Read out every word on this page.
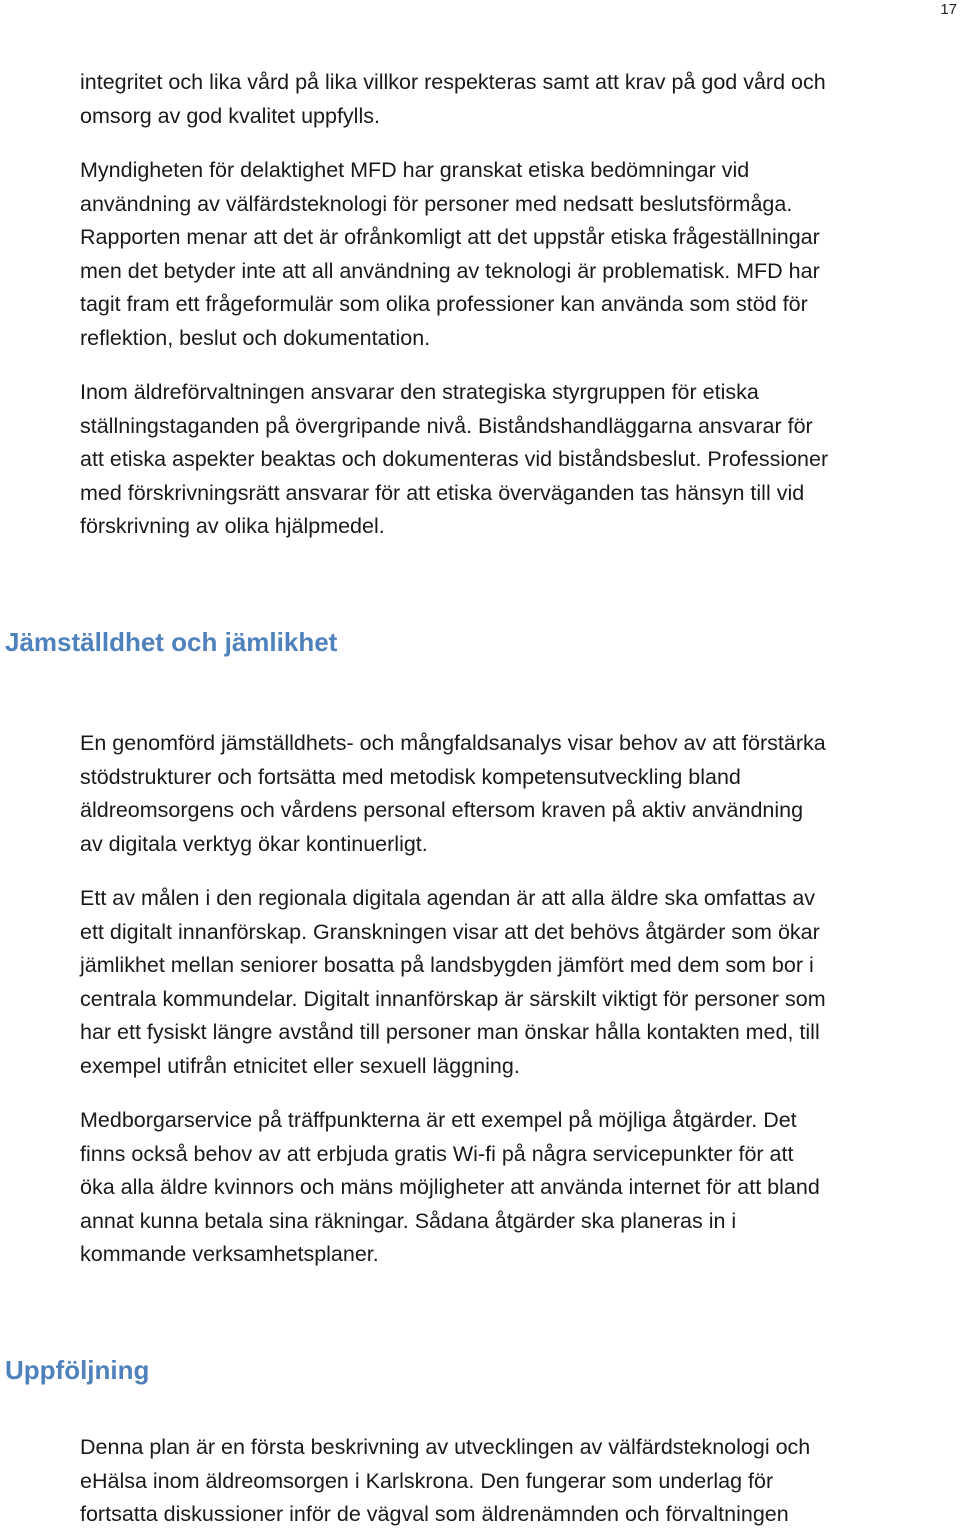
17

integritet och lika vård på lika villkor respekteras samt att krav på god vård och
omsorg av god kvalitet uppfylls.

Myndigheten för delaktighet MFD har granskat etiska bedömningar vid
användning av välfärdsteknologi för personer med nedsatt beslutsförmåga.
Rapporten menar att det är ofrånkomligt att det uppstår etiska frågeställningar
men det betyder inte att all användning av teknologi är problematisk. MFD har
tagit fram ett frågeformulär som olika professioner kan använda som stöd för
reflektion, beslut och dokumentation.

Inom äldreförvaltningen ansvarar den strategiska styrgruppen för etiska
ställningstaganden på övergripande nivå. Biståndshandläggarna ansvarar för
att etiska aspekter beaktas och dokumenteras vid biståndsbeslut. Professioner
med förskrivningsrätt ansvarar för att etiska överväganden tas hänsyn till vid
förskrivning av olika hjälpmedel.

Jämställdhet och jämlikhet

En genomförd jämställdhets- och mångfaldsanalys visar behov av att förstärka
stödstrukturer och fortsätta med metodisk kompetensutveckling bland
äldreomsorgens och vårdens personal eftersom kraven på aktiv användning
av digitala verktyg ökar kontinuerligt.

Ett av målen i den regionala digitala agendan är att alla äldre ska omfattas av
ett digitalt innanförskap. Granskningen visar att det behövs åtgärder som ökar
jämlikhet mellan seniorer bosatta på landsbygden jämfört med dem som bor i
centrala kommundelar. Digitalt innanförskap är särskilt viktigt för personer som
har ett fysiskt längre avstånd till personer man önskar hålla kontakten med, till
exempel utifrån etnicitet eller sexuell läggning.

Medborgarservice på träffpunkterna är ett exempel på möjliga åtgärder. Det
finns också behov av att erbjuda gratis Wi-fi på några servicepunkter för att
öka alla äldre kvinnors och mäns möjligheter att använda internet för att bland
annat kunna betala sina räkningar. Sådana åtgärder ska planeras in i
kommande verksamhetsplaner.

Uppföljning

Denna plan är en första beskrivning av utvecklingen av välfärdsteknologi och
eHälsa inom äldreomsorgen i Karlskrona. Den fungerar som underlag för
fortsatta diskussioner inför de vägval som äldrenämnden och förvaltningen
